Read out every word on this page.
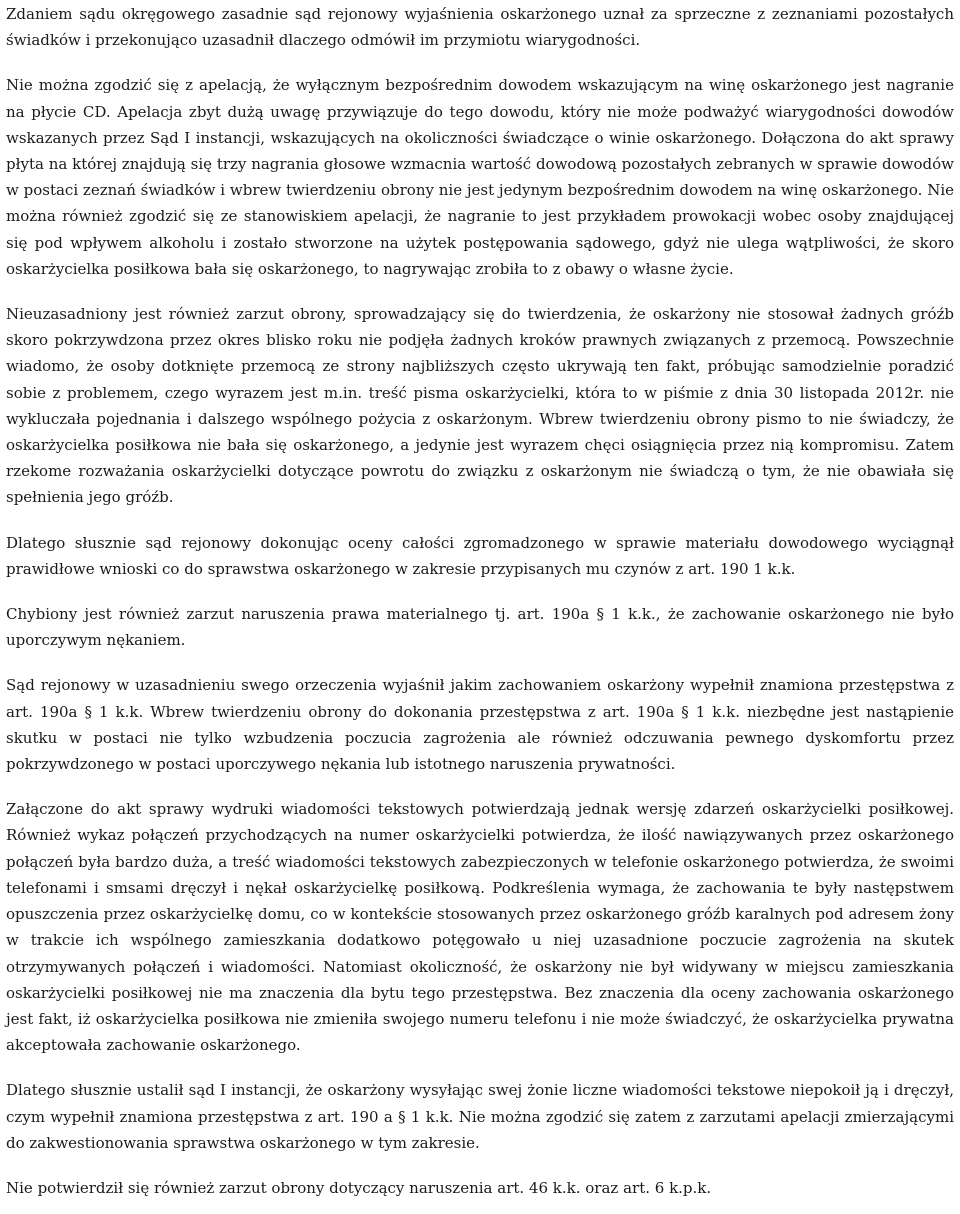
Zdaniem sądu okręgowego zasadnie sąd rejonowy wyjaśnienia oskarżonego uznał za sprzeczne z zeznaniami pozostałych świadków i przekonująco uzasadnił dlaczego odmówił im przymiotu wiarygodności.

Nie można zgodzić się z apelacją, że wyłącznym bezpośrednim dowodem wskazującym na winę oskarżonego jest nagranie na płycie CD. Apelacja zbyt dużą uwagę przywiązuje do tego dowodu, który nie może podważyć wiarygodności dowodów wskazanych przez Sąd I instancji, wskazujących na okoliczności świadczące o winie oskarżonego. Dołączona do akt sprawy płyta na której znajdują się trzy nagrania głosowe wzmacnia wartość dowodową pozostałych zebranych w sprawie dowodów w postaci zeznań świadków i wbrew twierdzeniu obrony nie jest jedynym bezpośrednim dowodem na winę oskarżonego. Nie można również zgodzić się ze stanowiskiem apelacji, że nagranie to jest przykładem prowokacji wobec osoby znajdującej się pod wpływem alkoholu i zostało stworzone na użytek postępowania sądowego, gdyż nie ulega wątpliwości, że skoro oskarżycielka posiłkowa bała się oskarżonego, to nagrywając zrobiła to z obawy o własne życie.

Nieuzasadniony jest również zarzut obrony, sprowadzający się do twierdzenia, że oskarżony nie stosował żadnych gróźb skoro pokrzywdzona przez okres blisko roku nie podjęła żadnych kroków prawnych związanych z przemocą. Powszechnie wiadomo, że osoby dotknięte przemocą ze strony najbliższych często ukrywają ten fakt, próbując samodzielnie poradzić sobie z problemem, czego wyrazem jest m.in. treść pisma oskarżycielki, która to w piśmie z dnia 30 listopada 2012r. nie wykluczała pojednania i dalszego wspólnego pożycia z oskarżonym. Wbrew twierdzeniu obrony pismo to nie świadczy, że oskarżycielka posiłkowa nie bała się oskarżonego, a jedynie jest wyrazem chęci osiągnięcia przez nią kompromisu. Zatem rzekome rozważania oskarżycielki dotyczące powrotu do związku z oskarżonym nie świadczą o tym, że nie obawiała się spełnienia jego gróźb.

Dlatego słusznie sąd rejonowy dokonując oceny całości zgromadzonego w sprawie materiału dowodowego wyciągnął prawidłowe wnioski co do sprawstwa oskarżonego w zakresie przypisanych mu czynów z art. 190 1 k.k.

Chybiony jest również zarzut naruszenia prawa materialnego tj. art. 190a § 1 k.k., że zachowanie oskarżonego nie było uporczywym nękaniem.

Sąd rejonowy w uzasadnieniu swego orzeczenia wyjaśnił jakim zachowaniem oskarżony wypełnił znamiona przestępstwa z art. 190a § 1 k.k. Wbrew twierdzeniu obrony do dokonania przestępstwa z art. 190a § 1 k.k. niezbędne jest nastąpienie skutku w postaci nie tylko wzbudzenia poczucia zagrożenia ale również odczuwania pewnego dyskomfortu przez pokrzywdzonego w postaci uporczywego nękania lub istotnego naruszenia prywatności.

Załączone do akt sprawy wydruki wiadomości tekstowych potwierdzają jednak wersję zdarzeń oskarżycielki posiłkowej. Również wykaz połączeń przychodzących na numer oskarżycielki potwierdza, że ilość nawiązywanych przez oskarżonego połączeń była bardzo duża, a treść wiadomości tekstowych zabezpieczonych w telefonie oskarżonego potwierdza, że swoimi telefonami i smsami dręczył i nękał oskarżycielkę posiłkową. Podkreślenia wymaga, że zachowania te były następstwem opuszczenia przez oskarżycielkę domu, co w kontekście stosowanych przez oskarżonego gróźb karalnych pod adresem żony w trakcie ich wspólnego zamieszkania dodatkowo potęgowało u niej uzasadnione poczucie zagrożenia na skutek otrzymywanych połączeń i wiadomości. Natomiast okoliczność, że oskarżony nie był widywany w miejscu zamieszkania oskarżycielki posiłkowej nie ma znaczenia dla bytu tego przestępstwa. Bez znaczenia dla oceny zachowania oskarżonego jest fakt, iż oskarżycielka posiłkowa nie zmieniła swojego numeru telefonu i nie może świadczyć, że oskarżycielka prywatna akceptowała zachowanie oskarżonego.

Dlatego słusznie ustalił sąd I instancji, że oskarżony wysyłając swej żonie liczne wiadomości tekstowe niepokoił ją i dręczył, czym wypełnił znamiona przestępstwa z art. 190 a § 1 k.k. Nie można zgodzić się zatem z zarzutami apelacji zmierzającymi do zakwestionowania sprawstwa oskarżonego w tym zakresie.

Nie potwierdził się również zarzut obrony dotyczący naruszenia art. 46 k.k. oraz art. 6 k.p.k.
